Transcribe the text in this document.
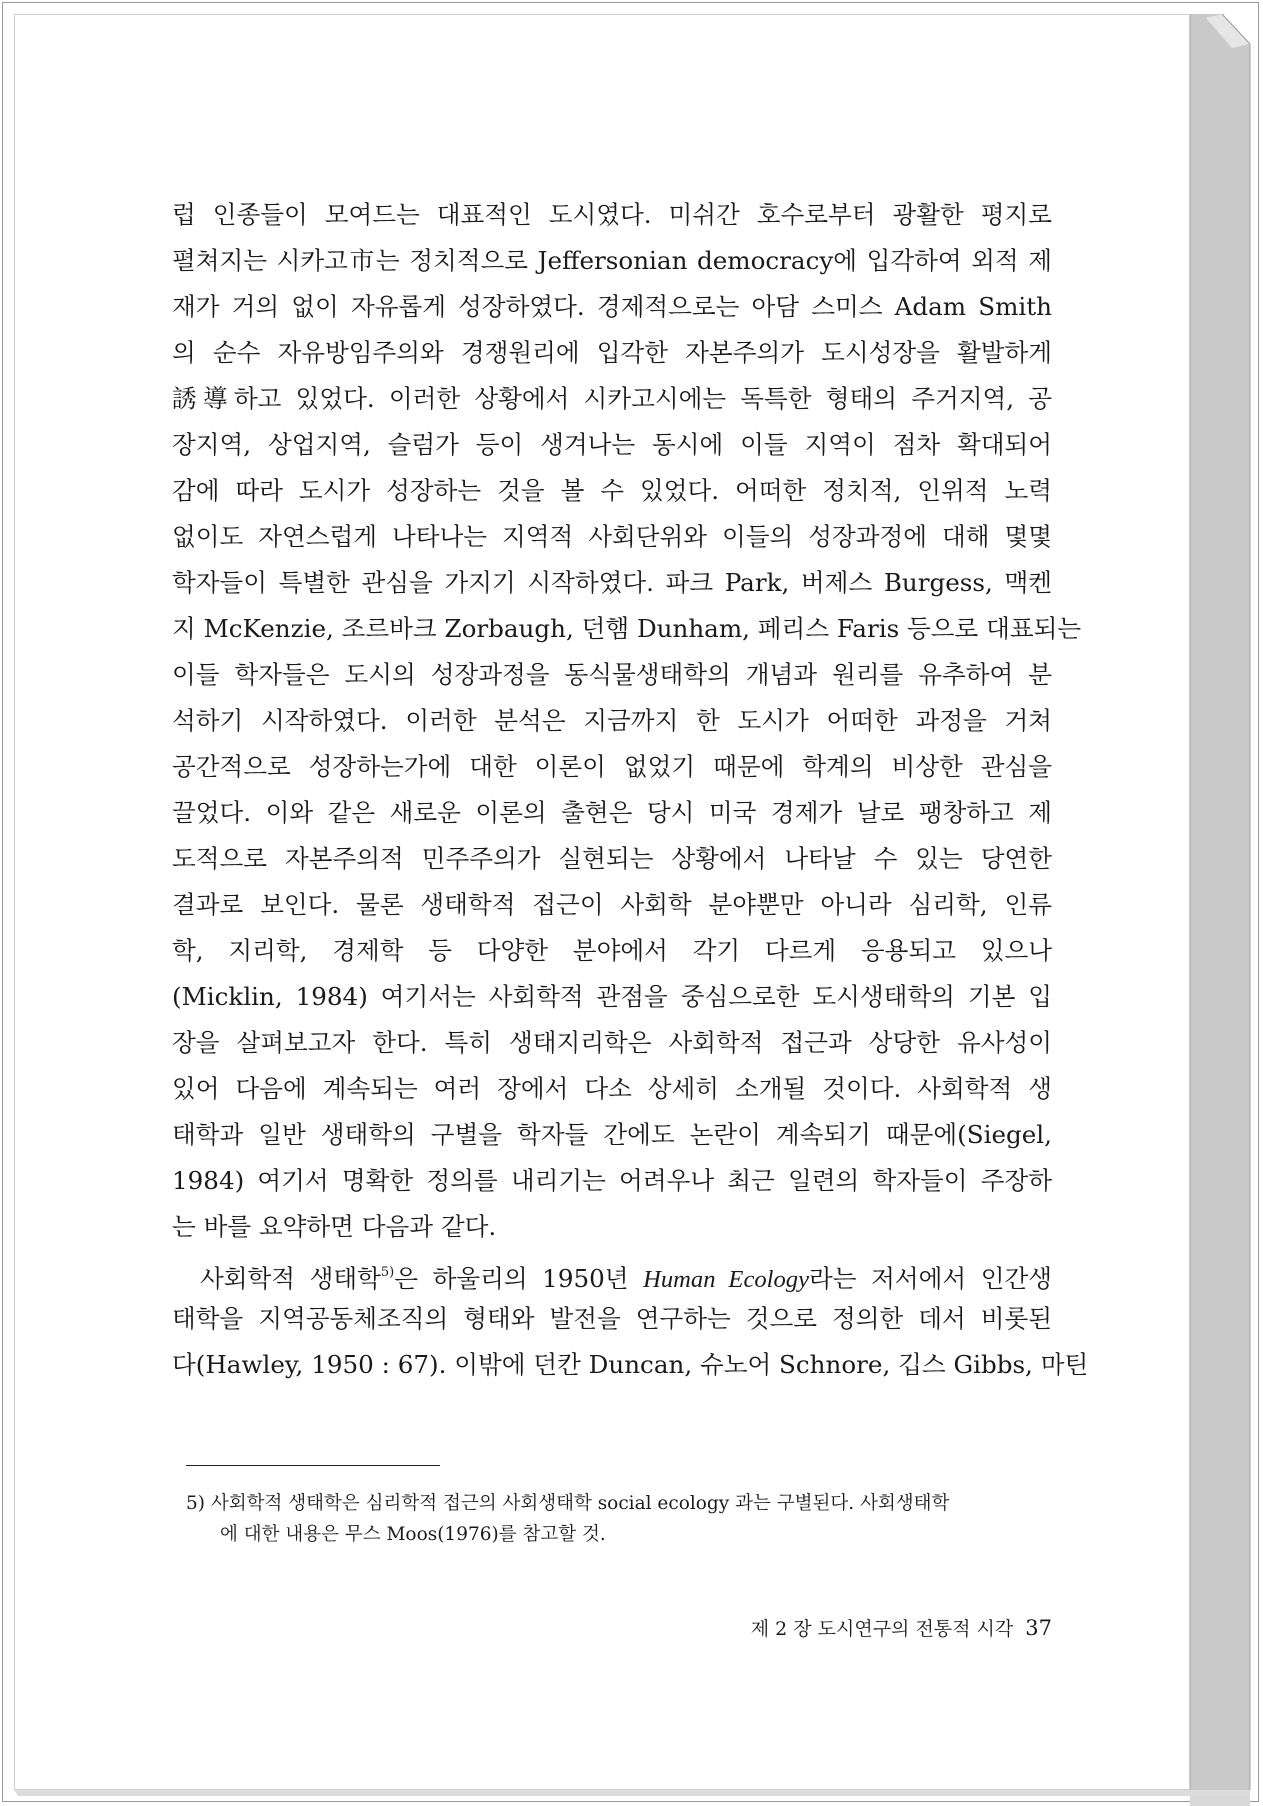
럽 인종들이 모여드는 대표적인 도시였다. 미쉬간 호수로부터 광활한 평지로
펼쳐지는 시카고市는 정치적으로 Jeffersonian democracy에 입각하여 외적 제
재가 거의 없이 자유롭게 성장하였다. 경제적으로는 아담 스미스 Adam Smith
의 순수 자유방임주의와 경쟁원리에 입각한 자본주의가 도시성장을 활발하게
誘導하고 있었다. 이러한 상황에서 시카고시에는 독특한 형태의 주거지역, 공
장지역, 상업지역, 슬럼가 등이 생겨나는 동시에 이들 지역이 점차 확대되어
감에 따라 도시가 성장하는 것을 볼 수 있었다. 어떠한 정치적, 인위적 노력
없이도 자연스럽게 나타나는 지역적 사회단위와 이들의 성장과정에 대해 몇몇
학자들이 특별한 관심을 가지기 시작하였다. 파크 Park, 버제스 Burgess, 맥켄
지 McKenzie, 조르바크 Zorbaugh, 던햄 Dunham, 페리스 Faris 등으로 대표되는
이들 학자들은 도시의 성장과정을 동식물생태학의 개념과 원리를 유추하여 분
석하기 시작하였다. 이러한 분석은 지금까지 한 도시가 어떠한 과정을 거쳐
공간적으로 성장하는가에 대한 이론이 없었기 때문에 학계의 비상한 관심을
끌었다. 이와 같은 새로운 이론의 출현은 당시 미국 경제가 날로 팽창하고 제
도적으로 자본주의적 민주주의가 실현되는 상황에서 나타날 수 있는 당연한
결과로 보인다. 물론 생태학적 접근이 사회학 분야뿐만 아니라 심리학, 인류
학, 지리학, 경제학 등 다양한 분야에서 각기 다르게 응용되고 있으나
(Micklin, 1984) 여기서는 사회학적 관점을 중심으로한 도시생태학의 기본 입
장을 살펴보고자 한다. 특히 생태지리학은 사회학적 접근과 상당한 유사성이
있어 다음에 계속되는 여러 장에서 다소 상세히 소개될 것이다. 사회학적 생
태학과 일반 생태학의 구별을 학자들 간에도 논란이 계속되기 때문에(Siegel,
1984) 여기서 명확한 정의를 내리기는 어려우나 최근 일련의 학자들이 주장하
는 바를 요약하면 다음과 같다.

사회학적 생태학$^{5)}$은 하울리의 1950년 Human Ecology라는 저서에서 인간생
태학을 지역공동체조직의 형태와 발전을 연구하는 것으로 정의한 데서 비롯된
다(Hawley, 1950 : 67). 이밖에 던칸 Duncan, 슈노어 Schnore, 깁스 Gibbs, 마틴

5) 사회학적 생태학은 심리학적 접근의 사회생태학 social ecology 과는 구별된다. 사회생태학
에 대한 내용은 무스 Moos(1976)를 참고할 것.
제 2 장 도시연구의 전통적 시각 37
